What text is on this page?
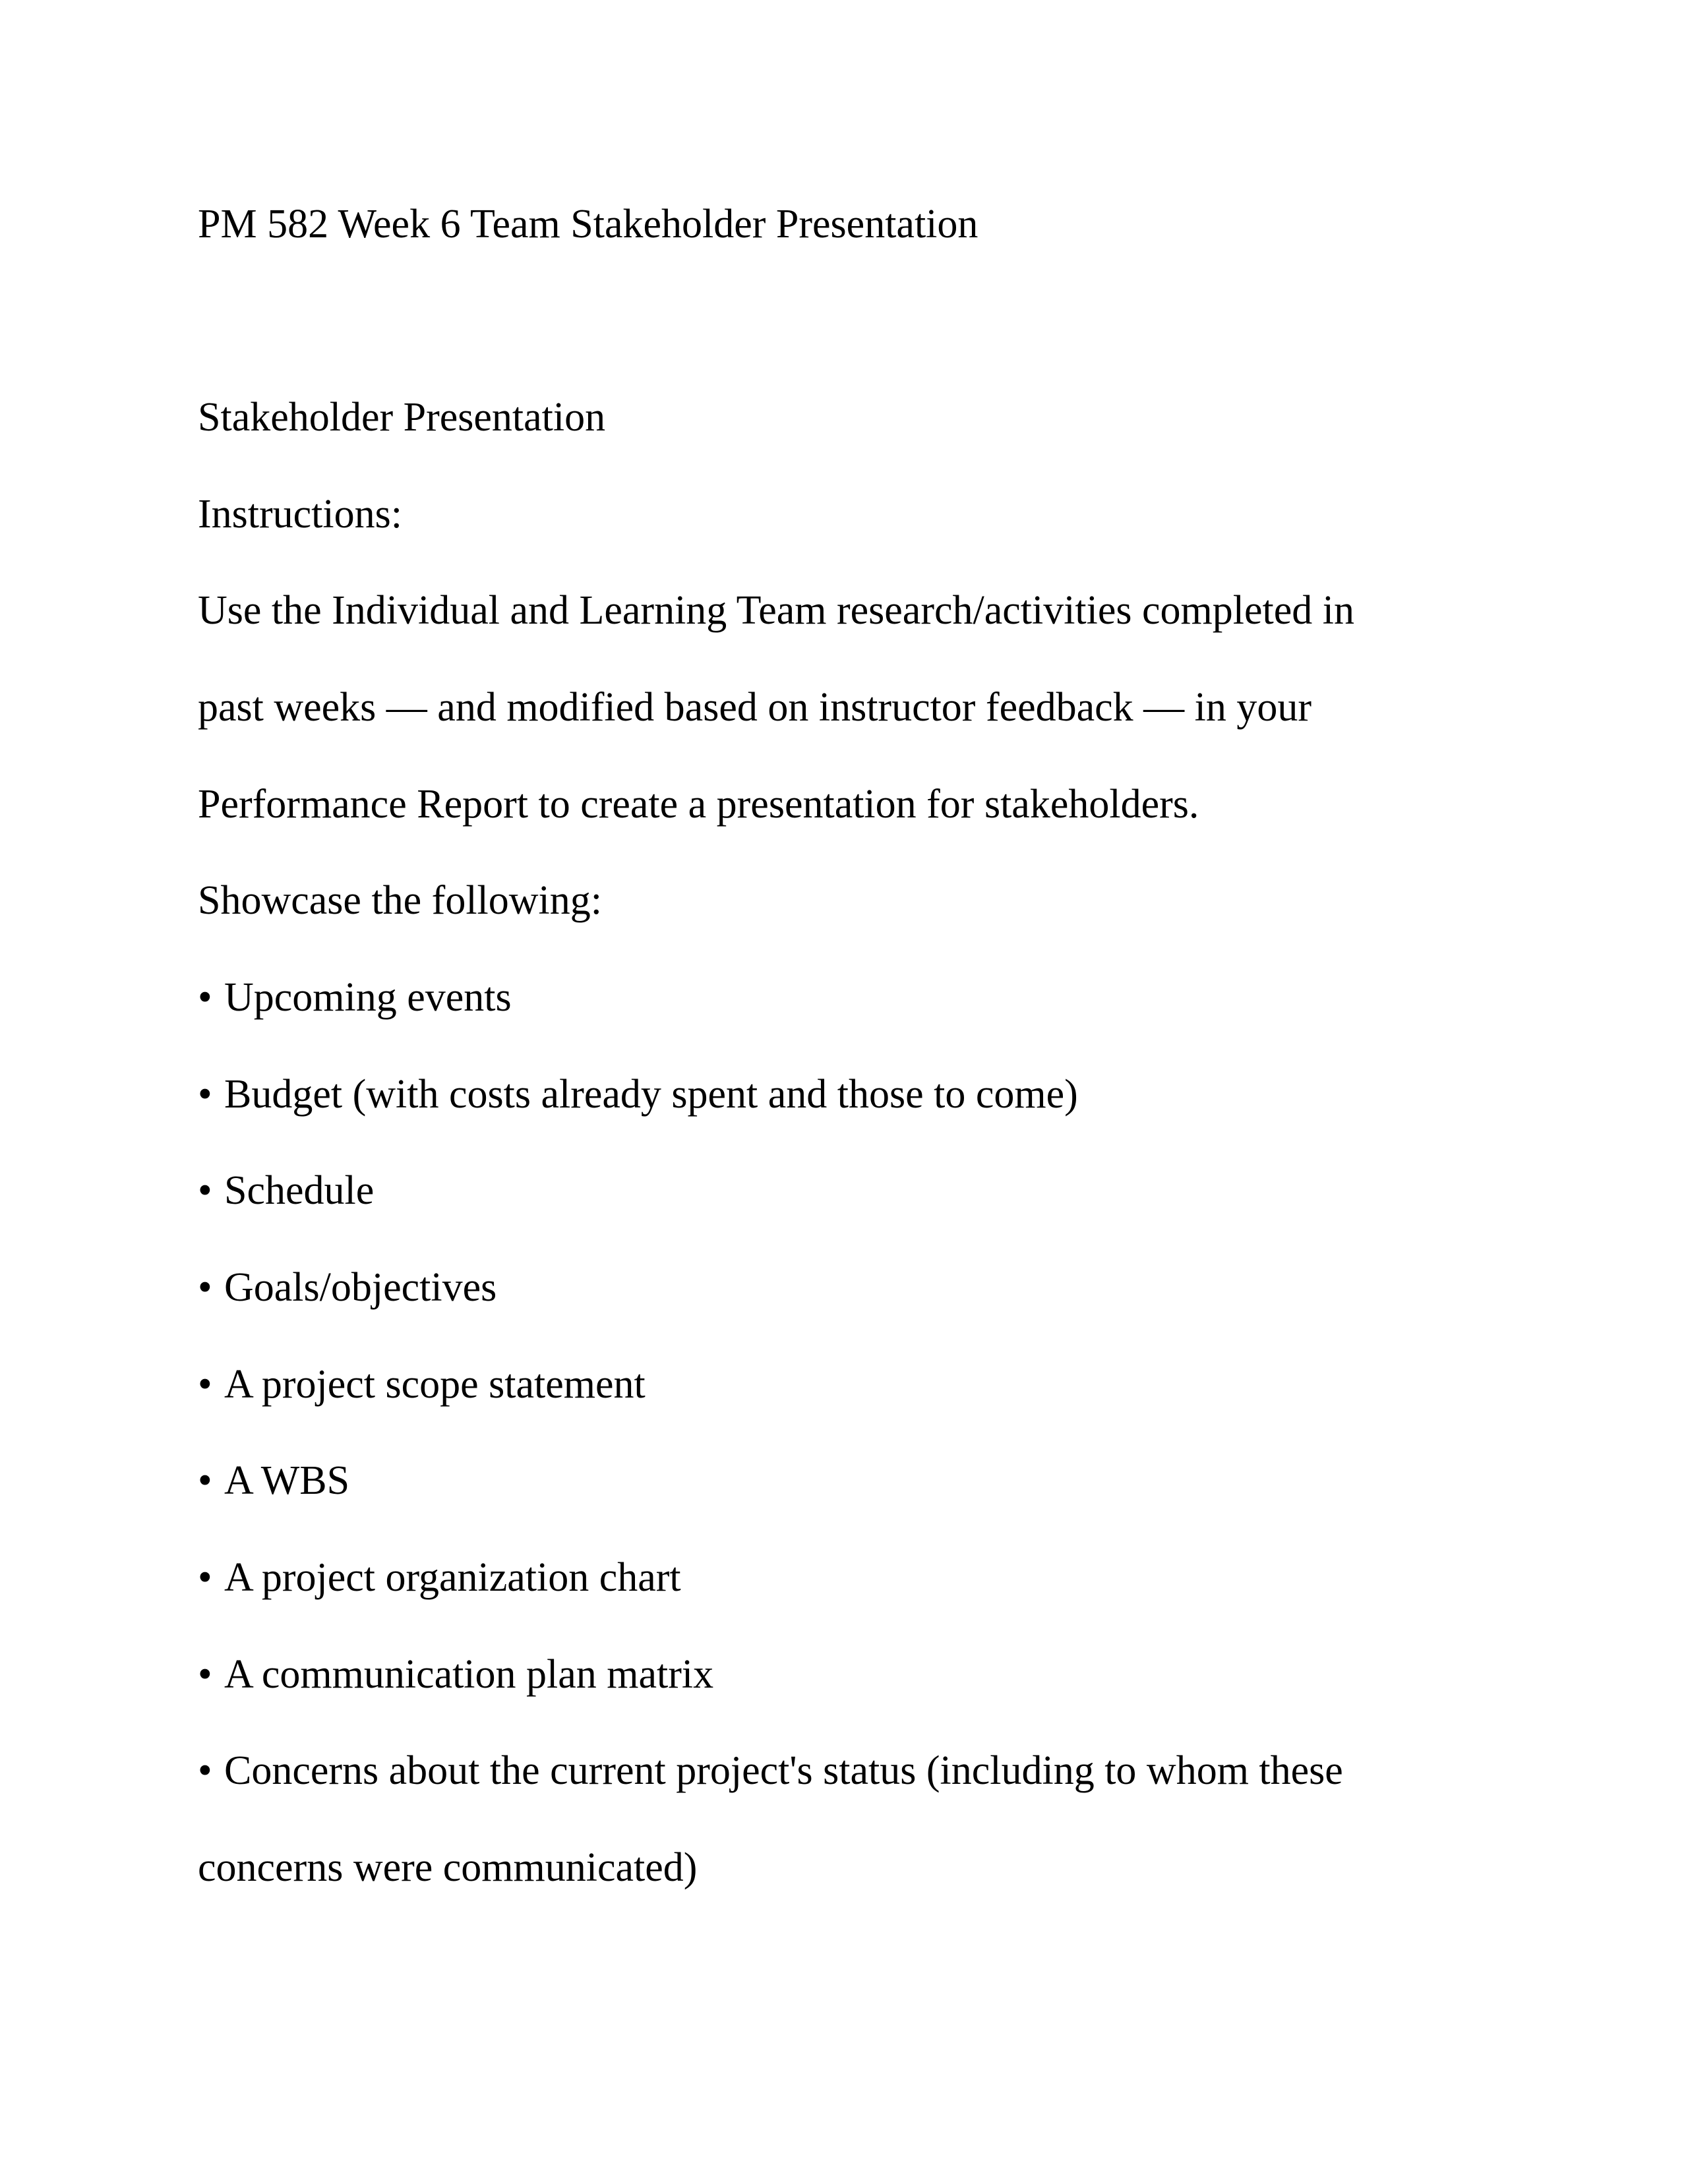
PM 582 Week 6 Team Stakeholder Presentation
Stakeholder Presentation

Instructions:

Use the Individual and Learning Team research/activities completed in

past weeks — and modified based on instructor feedback — in your

Performance Report to create a presentation for stakeholders.

Showcase the following:

• Upcoming events
• Budget (with costs already spent and those to come)
• Schedule
• Goals/objectives
• A project scope statement
• A WBS
• A project organization chart
• A communication plan matrix
• Concerns about the current project's status (including to whom these

concerns were communicated)
